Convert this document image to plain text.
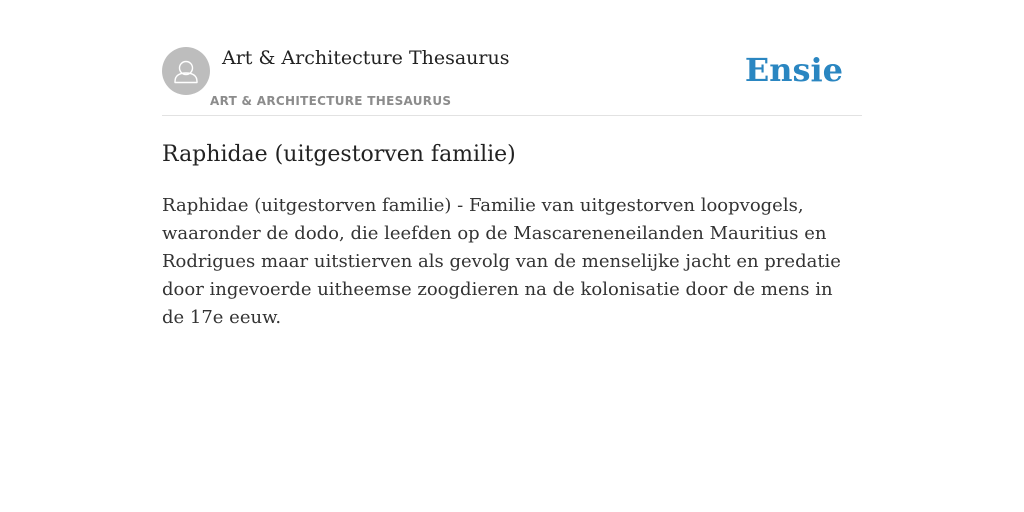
Art & Architecture Thesaurus
ART & ARCHITECTURE THESAURUS
Ensie
Raphidae (uitgestorven familie)

Raphidae (uitgestorven familie) - Familie van uitgestorven loopvogels, waaronder de dodo, die leefden op de Mascareneneilanden Mauritius en Rodrigues maar uitstierven als gevolg van de menselijke jacht en predatie door ingevoerde uitheemse zoogdieren na de kolonisatie door de mens in de 17e eeuw.
